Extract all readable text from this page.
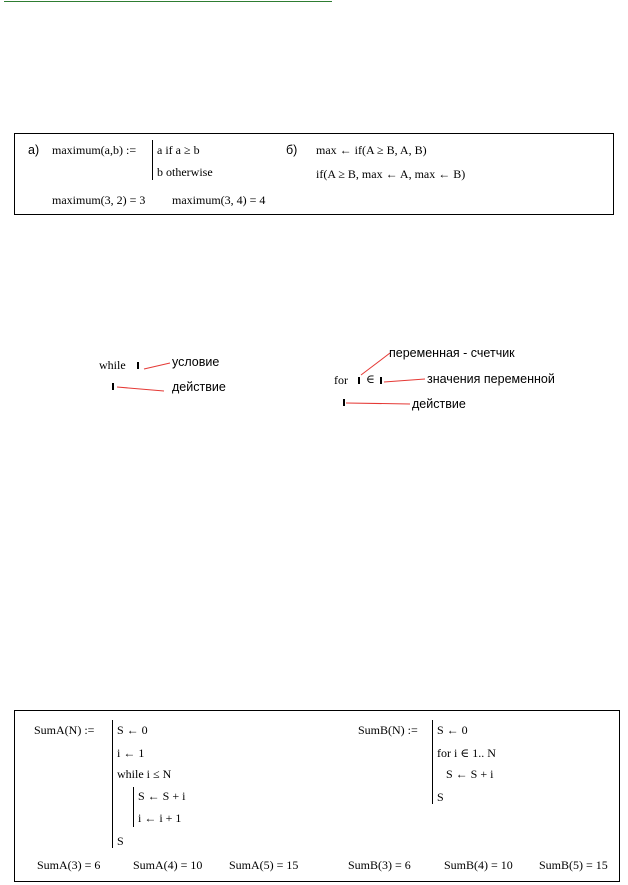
а) maximum(a,b) := a if a ≥ b
b otherwise
б) max ← if(A ≥ B, A, B)
if(A ≥ B, max ← A, max ← B)
maximum(3, 2) = 3 maximum(3, 4) = 4
while	условие
действие
переменная - счетчик
for ∈	значения переменной
действие
SumA(N) := S ← 0
i ← 1
while i ≤ N
S ← S + i
i ← i + 1
S
SumB(N) := S ← 0
for i ∈ 1.. N
S ← S + i
S
SumA(3) = 6	SumA(4) = 10 SumA(5) = 15	SumB(3) = 6	SumB(4) = 10 SumB(5) = 15
